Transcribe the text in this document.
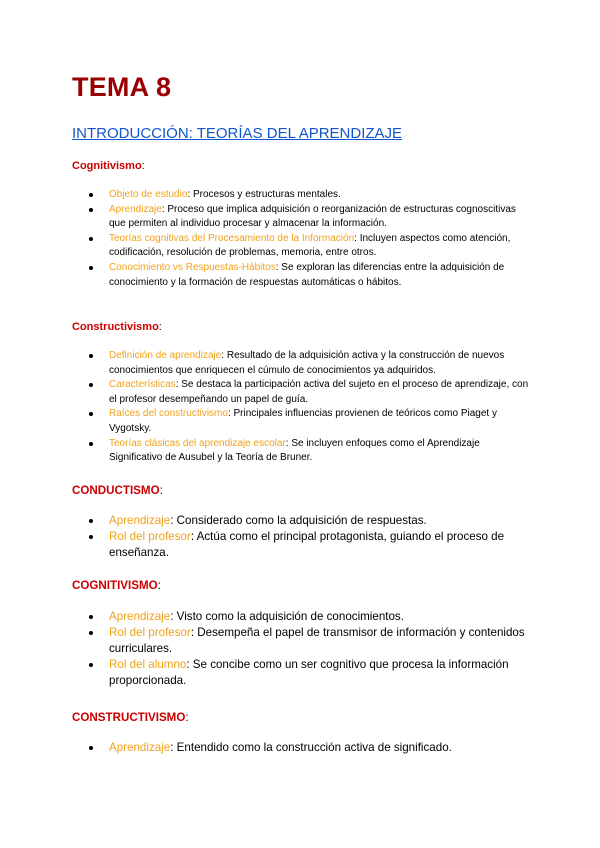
TEMA 8
INTRODUCCIÓN: TEORÍAS DEL APRENDIZAJE
Cognitivismo:
Objeto de estudio: Procesos y estructuras mentales.
Aprendizaje: Proceso que implica adquisición o reorganización de estructuras cognoscitivas que permiten al individuo procesar y almacenar la información.
Teorías cognitivas del Procesamiento de la Información: Incluyen aspectos como atención, codificación, resolución de problemas, memoria, entre otros.
Conocimiento vs Respuestas-Hábitos: Se exploran las diferencias entre la adquisición de conocimiento y la formación de respuestas automáticas o hábitos.
Constructivismo:
Definición de aprendizaje: Resultado de la adquisición activa y la construcción de nuevos conocimientos que enriquecen el cúmulo de conocimientos ya adquiridos.
Características: Se destaca la participación activa del sujeto en el proceso de aprendizaje, con el profesor desempeñando un papel de guía.
Raíces del constructivismo: Principales influencias provienen de teóricos como Piaget y Vygotsky.
Teorías clásicas del aprendizaje escolar: Se incluyen enfoques como el Aprendizaje Significativo de Ausubel y la Teoría de Bruner.
CONDUCTISMO:
Aprendizaje: Considerado como la adquisición de respuestas.
Rol del profesor: Actúa como el principal protagonista, guiando el proceso de enseñanza.
COGNITIVISMO:
Aprendizaje: Visto como la adquisición de conocimientos.
Rol del profesor: Desempeña el papel de transmisor de información y contenidos curriculares.
Rol del alumno: Se concibe como un ser cognitivo que procesa la información proporcionada.
CONSTRUCTIVISMO:
Aprendizaje: Entendido como la construcción activa de significado.
